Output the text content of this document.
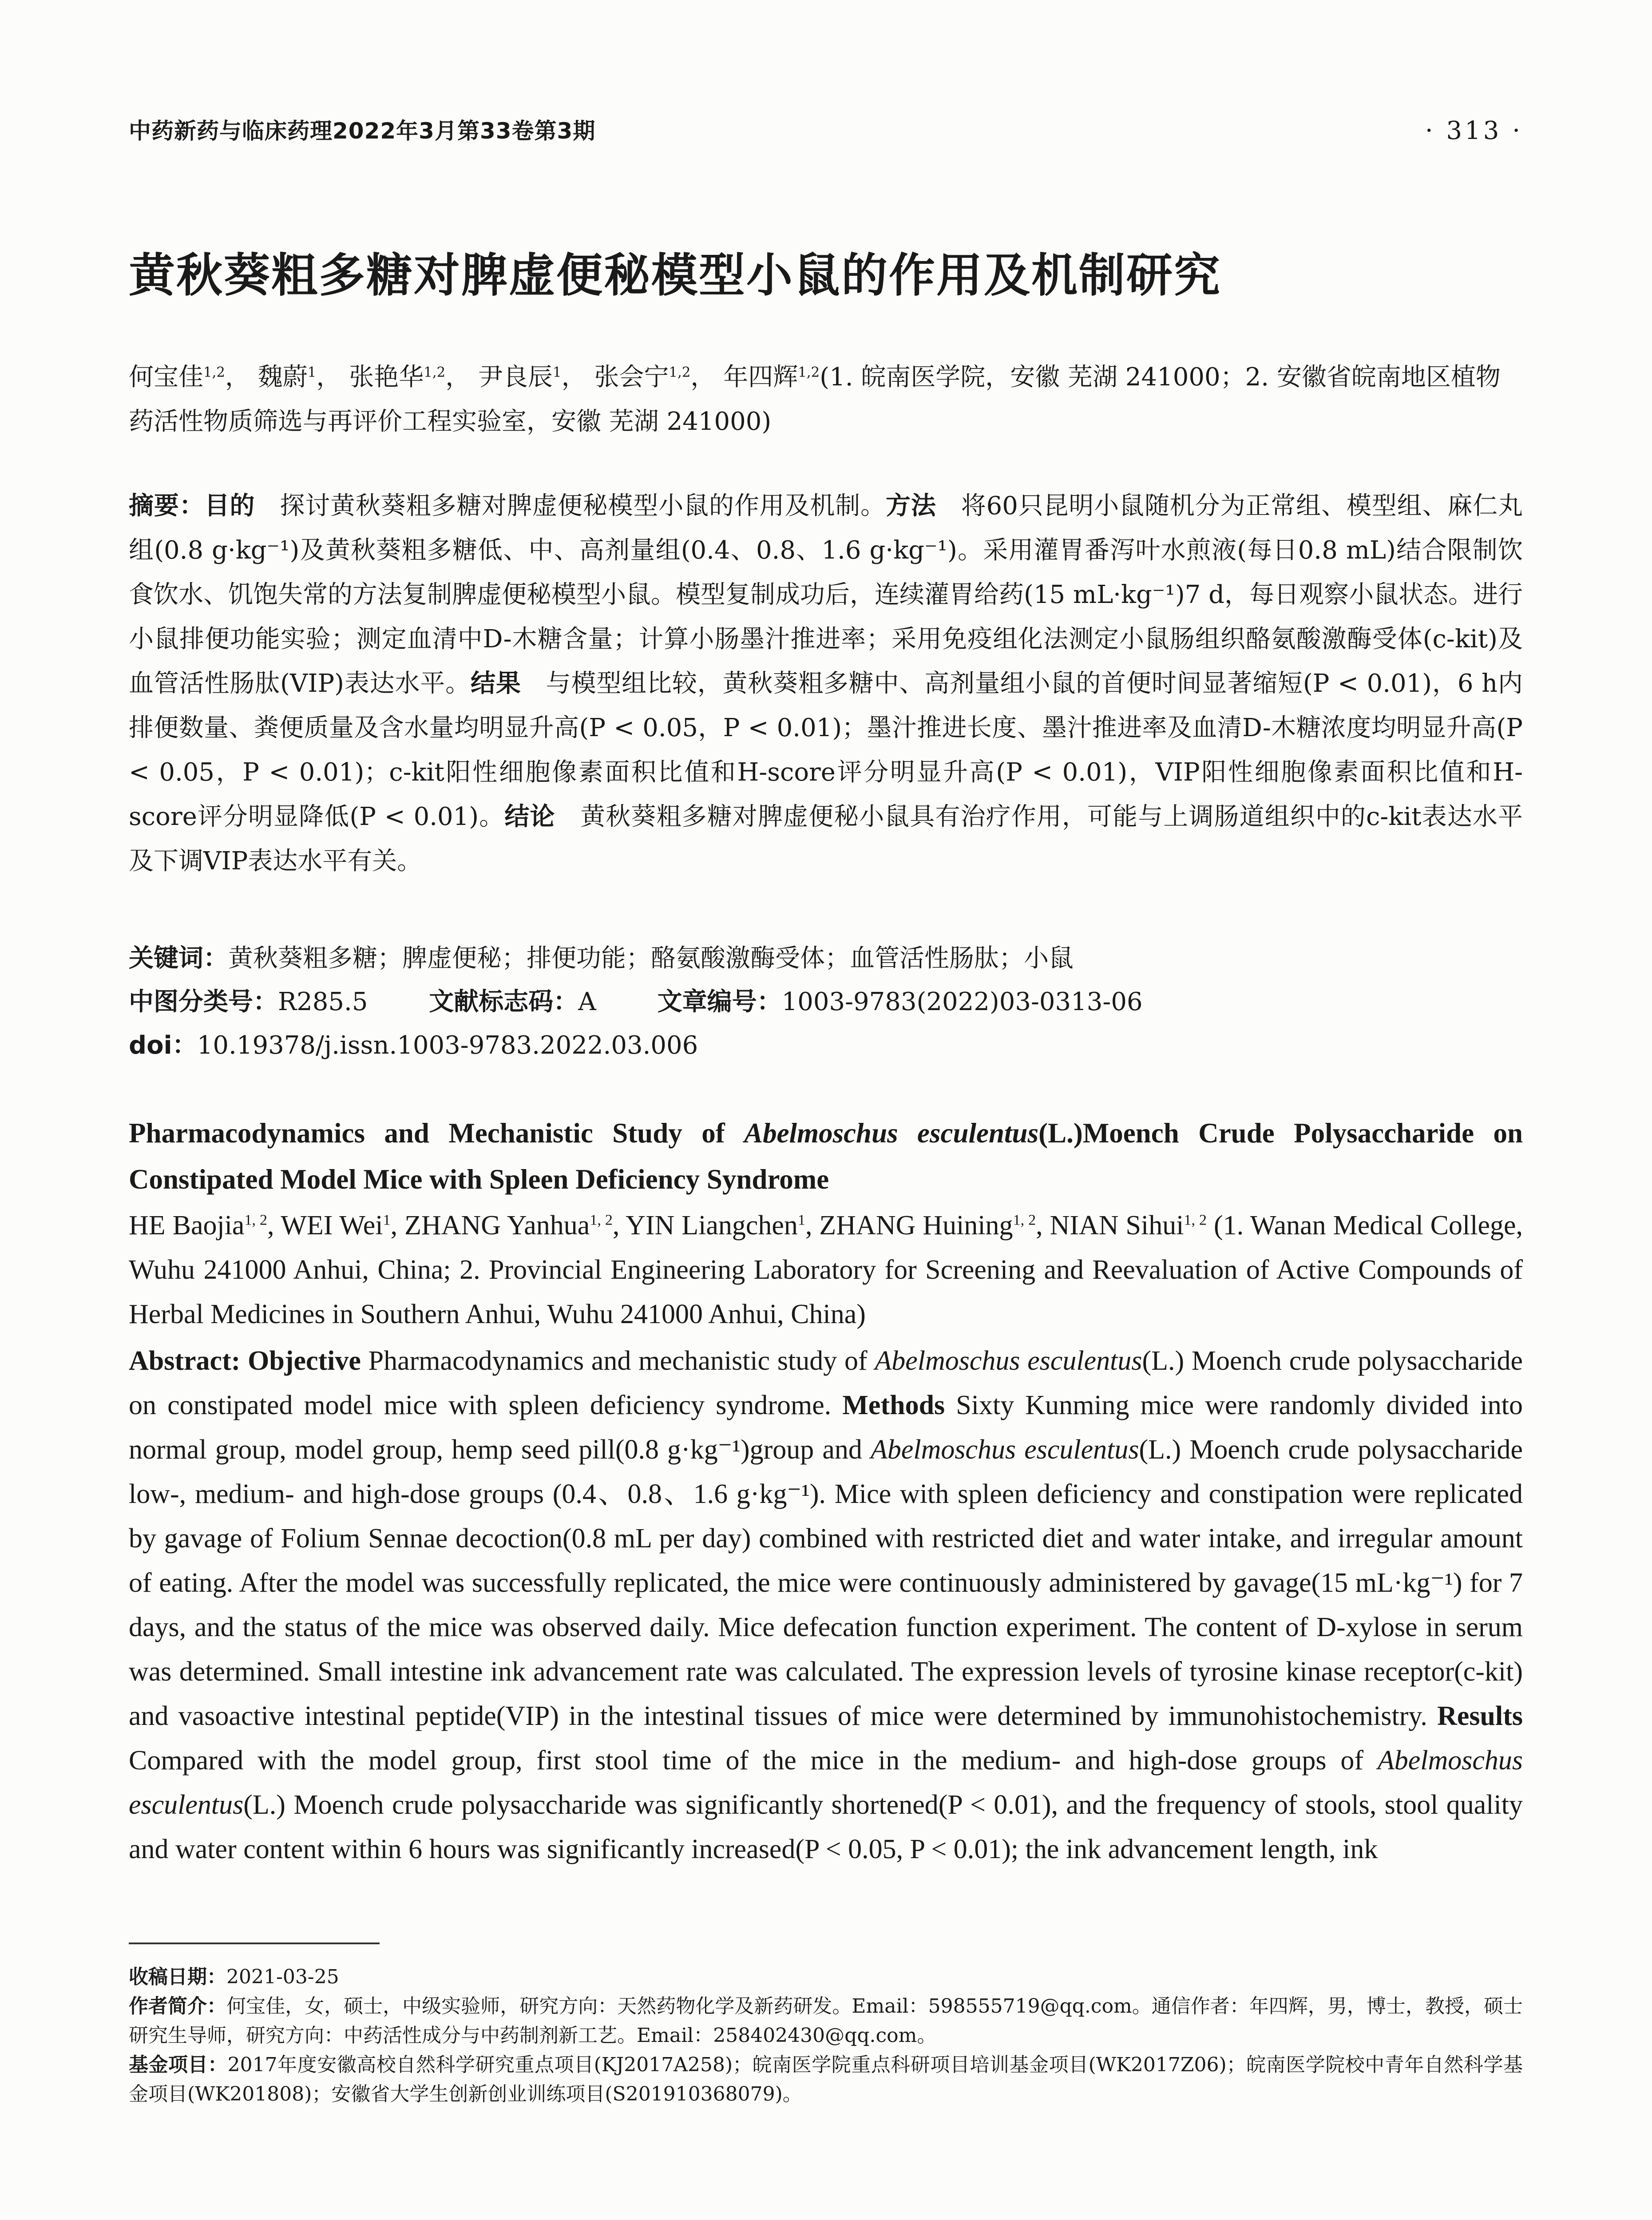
中药新药与临床药理2022年3月第33卷第3期	· 313 ·
黄秋葵粗多糖对脾虚便秘模型小鼠的作用及机制研究
何宝佳$^{1,2}$， 魏蔚$^1$， 张艳华$^{1,2}$， 尹良辰$^1$， 张会宁$^{1,2}$， 年四辉$^{1,2}$(1. 皖南医学院，安徽 芜湖 241000；2. 安徽省皖南地区植物药活性物质筛选与再评价工程实验室，安徽 芜湖 241000)
摘要：目的 探讨黄秋葵粗多糖对脾虚便秘模型小鼠的作用及机制。方法 将60只昆明小鼠随机分为正常组、模型组、麻仁丸组(0.8 g·kg⁻¹)及黄秋葵粗多糖低、中、高剂量组(0.4、0.8、1.6 g·kg⁻¹)。采用灌胃番泻叶水煎液(每日0.8 mL)结合限制饮食饮水、饥饱失常的方法复制脾虚便秘模型小鼠。模型复制成功后，连续灌胃给药(15 mL·kg⁻¹)7 d，每日观察小鼠状态。进行小鼠排便功能实验；测定血清中D-木糖含量；计算小肠墨汁推进率；采用免疫组化法测定小鼠肠组织酪氨酸激酶受体(c-kit)及血管活性肠肽(VIP)表达水平。结果 与模型组比较，黄秋葵粗多糖中、高剂量组小鼠的首便时间显著缩短(P < 0.01)，6 h内排便数量、粪便质量及含水量均明显升高(P < 0.05，P < 0.01)；墨汁推进长度、墨汁推进率及血清D-木糖浓度均明显升高(P < 0.05，P < 0.01)；c-kit阳性细胞像素面积比值和H-score评分明显升高(P < 0.01)，VIP阳性细胞像素面积比值和H-score评分明显降低(P < 0.01)。结论 黄秋葵粗多糖对脾虚便秘小鼠具有治疗作用，可能与上调肠道组织中的c-kit表达水平及下调VIP表达水平有关。
关键词：黄秋葵粗多糖；脾虚便秘；排便功能；酪氨酸激酶受体；血管活性肠肽；小鼠
中图分类号：R285.5 文献标志码：A 文章编号：1003-9783(2022)03-0313-06
doi：10.19378/j.issn.1003-9783.2022.03.006
Pharmacodynamics and Mechanistic Study of Abelmoschus esculentus(L.)Moench Crude Polysaccharide on Constipated Model Mice with Spleen Deficiency Syndrome
HE Baojia$^{1, 2}$, WEI Wei$^1$, ZHANG Yanhua$^{1, 2}$, YIN Liangchen$^1$, ZHANG Huining$^{1, 2}$, NIAN Sihui$^{1, 2}$ (1. Wanan Medical College, Wuhu 241000 Anhui, China; 2. Provincial Engineering Laboratory for Screening and Reevaluation of Active Compounds of Herbal Medicines in Southern Anhui, Wuhu 241000 Anhui, China)
Abstract: Objective Pharmacodynamics and mechanistic study of Abelmoschus esculentus(L.) Moench crude polysaccharide on constipated model mice with spleen deficiency syndrome. Methods Sixty Kunming mice were randomly divided into normal group, model group, hemp seed pill(0.8 g·kg⁻¹)group and Abelmoschus esculentus(L.) Moench crude polysaccharide low-, medium- and high-dose groups (0.4、0.8、1.6 g·kg⁻¹). Mice with spleen deficiency and constipation were replicated by gavage of Folium Sennae decoction(0.8 mL per day) combined with restricted diet and water intake, and irregular amount of eating. After the model was successfully replicated, the mice were continuously administered by gavage(15 mL·kg⁻¹) for 7 days, and the status of the mice was observed daily. Mice defecation function experiment. The content of D-xylose in serum was determined. Small intestine ink advancement rate was calculated. The expression levels of tyrosine kinase receptor(c-kit) and vasoactive intestinal peptide(VIP) in the intestinal tissues of mice were determined by immunohistochemistry. Results Compared with the model group, first stool time of the mice in the medium- and high-dose groups of Abelmoschus esculentus(L.) Moench crude polysaccharide was significantly shortened(P < 0.01), and the frequency of stools, stool quality and water content within 6 hours was significantly increased(P < 0.05, P < 0.01); the ink advancement length, ink

收稿日期：2021-03-25

作者简介：何宝佳，女，硕士，中级实验师，研究方向：天然药物化学及新药研发。Email：598555719@qq.com。通信作者：年四辉，男，博士，教授，硕士研究生导师，研究方向：中药活性成分与中药制剂新工艺。Email：258402430@qq.com。

基金项目：2017年度安徽高校自然科学研究重点项目(KJ2017A258)；皖南医学院重点科研项目培训基金项目(WK2017Z06)；皖南医学院校中青年自然科学基金项目(WK201808)；安徽省大学生创新创业训练项目(S201910368079)。
